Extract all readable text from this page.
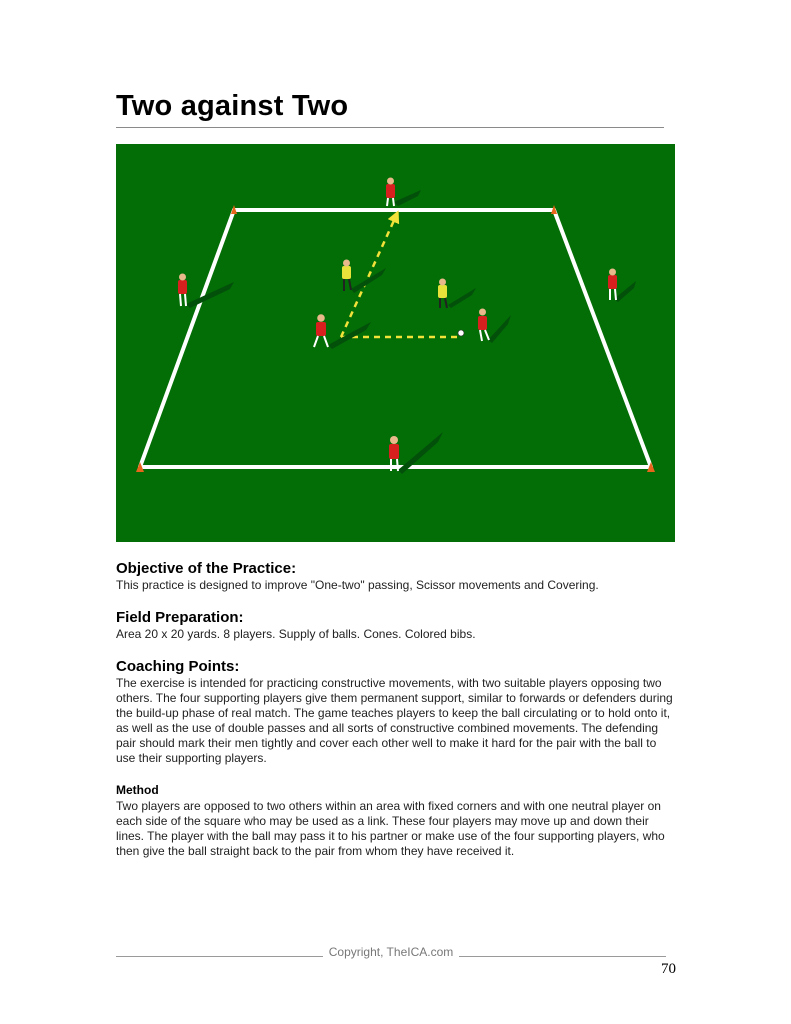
Two against Two
Objective of the Practice:

This practice is designed to improve "One-two" passing, Scissor movements and Covering.

Field Preparation:

Area 20 x 20 yards. 8 players. Supply of balls. Cones. Colored bibs.

Coaching Points:

The exercise is intended for practicing constructive movements, with two suitable players opposing two others. The four supporting players give them permanent support, similar to forwards or defenders during the build-up phase of real match. The game teaches players to keep the ball circulating or to hold onto it, as well as the use of double passes and all sorts of constructive combined movements. The defending pair should mark their men tightly and cover each other well to make it hard for the pair with the ball to use their supporting players.

Method

Two players are opposed to two others within an area with fixed corners and with one neutral player on each side of the square who may be used as a link. These four players may move up and down their lines. The player with the ball may pass it to his partner or make use of the four supporting players, who then give the ball straight back to the pair from whom they have received it.

Copyright, TheICA.com
70
